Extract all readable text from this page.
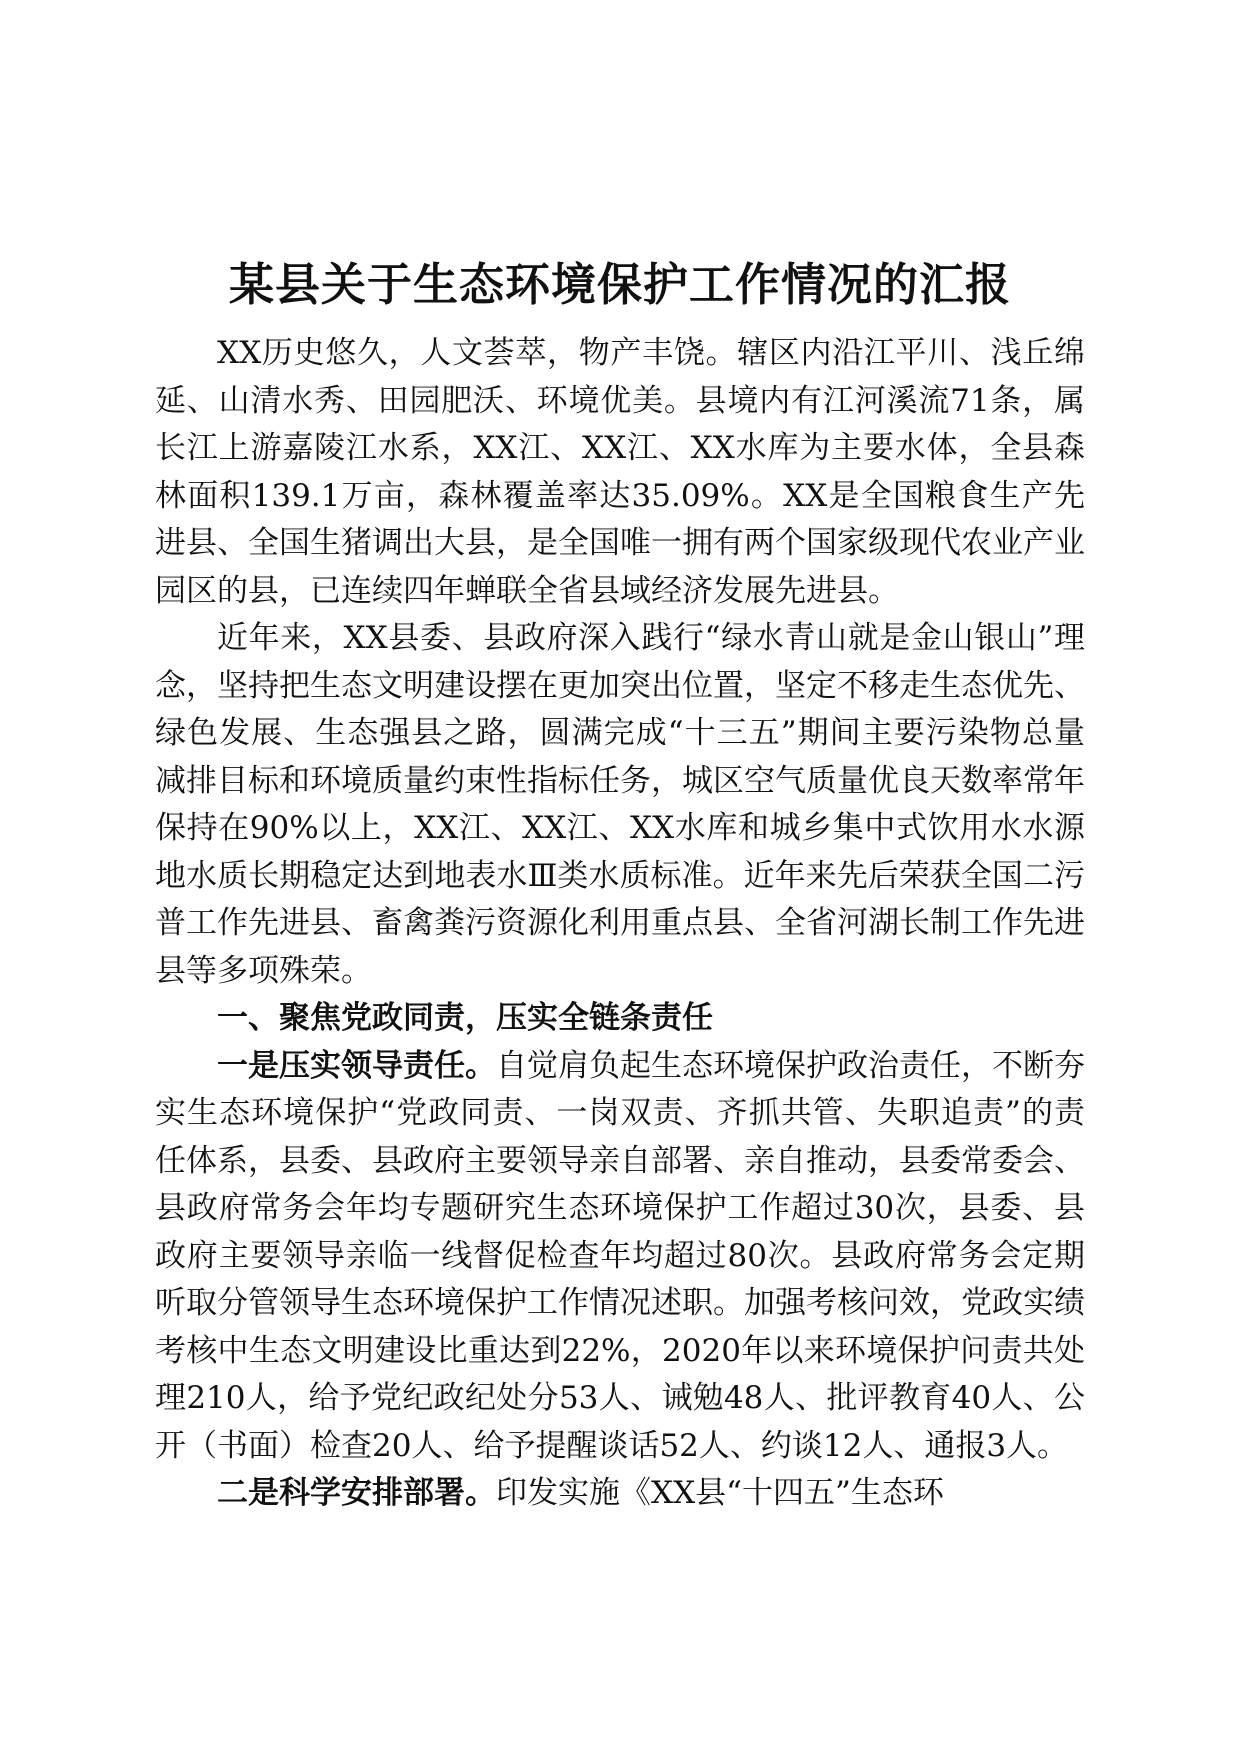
某县关于生态环境保护工作情况的汇报

XX历史悠久，人文荟萃，物产丰饶。辖区内沿江平川、浅丘绵延、山清水秀、田园肥沃、环境优美。县境内有江河溪流71条，属长江上游嘉陵江水系，XX江、XX江、XX水库为主要水体，全县森林面积139.1万亩，森林覆盖率达35.09%。XX是全国粮食生产先进县、全国生猪调出大县，是全国唯一拥有两个国家级现代农业产业园区的县，已连续四年蝉联全省县域经济发展先进县。

近年来，XX县委、县政府深入践行“绿水青山就是金山银山”理念，坚持把生态文明建设摆在更加突出位置，坚定不移走生态优先、绿色发展、生态强县之路，圆满完成“十三五”期间主要污染物总量减排目标和环境质量约束性指标任务，城区空气质量优良天数率常年保持在90%以上，XX江、XX江、XX水库和城乡集中式饮用水水源地水质长期稳定达到地表水Ⅲ类水质标准。近年来先后荣获全国二污普工作先进县、畜禽粪污资源化利用重点县、全省河湖长制工作先进县等多项殊荣。

一、聚焦党政同责，压实全链条责任

一是压实领导责任。自觉肩负起生态环境保护政治责任，不断夯实生态环境保护“党政同责、一岗双责、齐抓共管、失职追责”的责任体系，县委、县政府主要领导亲自部署、亲自推动，县委常委会、县政府常务会年均专题研究生态环境保护工作超过30次，县委、县政府主要领导亲临一线督促检查年均超过80次。县政府常务会定期听取分管领导生态环境保护工作情况述职。加强考核问效，党政实绩考核中生态文明建设比重达到22%，2020年以来环境保护问责共处理210人，给予党纪政纪处分53人、诫勉48人、批评教育40人、公开（书面）检查20人、给予提醒谈话52人、约谈12人、通报3人。

二是科学安排部署。印发实施《XX县“十四五”生态环
